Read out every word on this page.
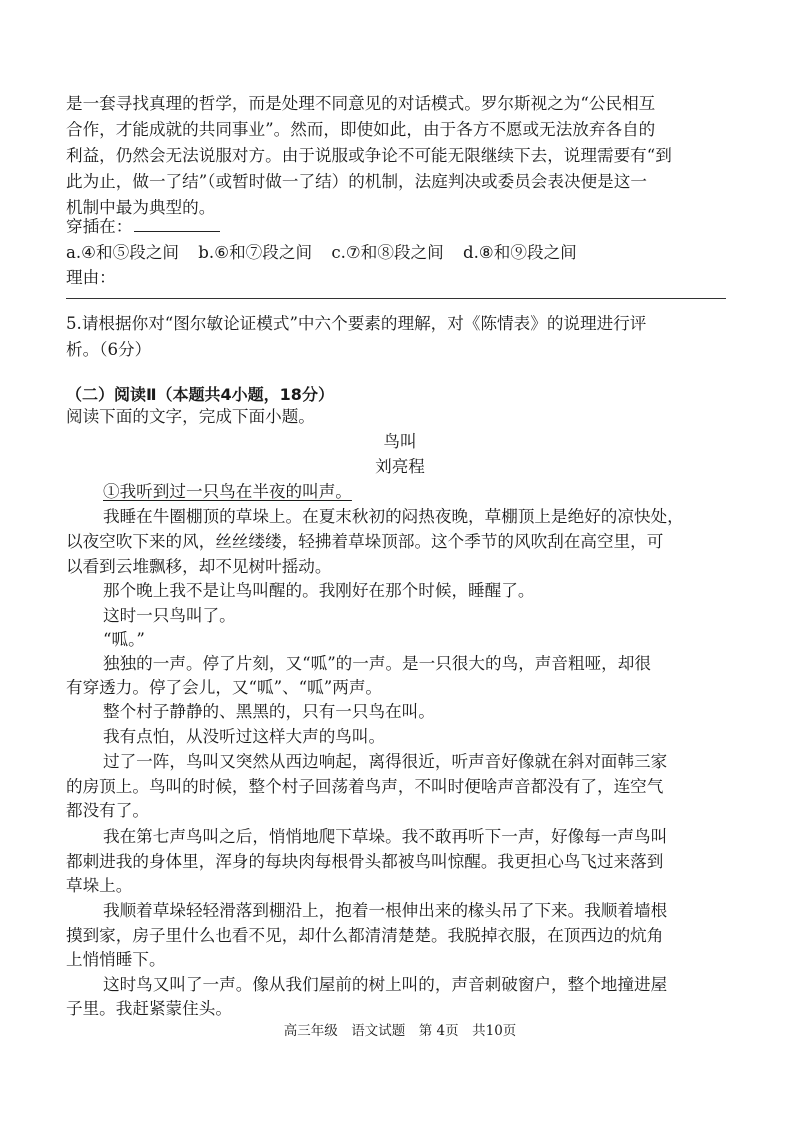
是一套寻找真理的哲学，而是处理不同意见的对话模式。罗尔斯视之为“公民相互
合作，才能成就的共同事业”。然而，即使如此，由于各方不愿或无法放弃各自的
利益，仍然会无法说服对方。由于说服或争论不可能无限继续下去，说理需要有“到
此为止，做一了结”（或暂时做一了结）的机制，法庭判决或委员会表决便是这一
机制中最为典型的。
穿插在：
a.④和⑤段之间 b.⑥和⑦段之间 c.⑦和⑧段之间 d.⑧和⑨段之间
理由：
5.请根据你对“图尔敏论证模式”中六个要素的理解，对《陈情表》的说理进行评
析。（6分）
（二）阅读Ⅱ（本题共4小题，18分）
阅读下面的文字，完成下面小题。
鸟叫
刘亮程
①我听到过一只鸟在半夜的叫声。
我睡在牛圈棚顶的草垛上。在夏末秋初的闷热夜晚，草棚顶上是绝好的凉快处，
以夜空吹下来的风，丝丝缕缕，轻拂着草垛顶部。这个季节的风吹刮在高空里，可
以看到云堆飘移，却不见树叶摇动。
那个晚上我不是让鸟叫醒的。我刚好在那个时候，睡醒了。
这时一只鸟叫了。
“呱。”
独独的一声。停了片刻，又“呱”的一声。是一只很大的鸟，声音粗哑，却很
有穿透力。停了会儿，又“呱”、“呱”两声。
整个村子静静的、黑黑的，只有一只鸟在叫。
我有点怕，从没听过这样大声的鸟叫。
过了一阵，鸟叫又突然从西边响起，离得很近，听声音好像就在斜对面韩三家
的房顶上。鸟叫的时候，整个村子回荡着鸟声，不叫时便啥声音都没有了，连空气
都没有了。
我在第七声鸟叫之后，悄悄地爬下草垛。我不敢再听下一声，好像每一声鸟叫
都刺进我的身体里，浑身的每块肉每根骨头都被鸟叫惊醒。我更担心鸟飞过来落到
草垛上。
我顺着草垛轻轻滑落到棚沿上，抱着一根伸出来的椽头吊了下来。我顺着墙根
摸到家，房子里什么也看不见，却什么都清清楚楚。我脱掉衣服，在顶西边的炕角
上悄悄睡下。
这时鸟又叫了一声。像从我们屋前的树上叫的，声音刺破窗户，整个地撞进屋
子里。我赶紧蒙住头。
高三年级　语文试题　第 4页　共10页
